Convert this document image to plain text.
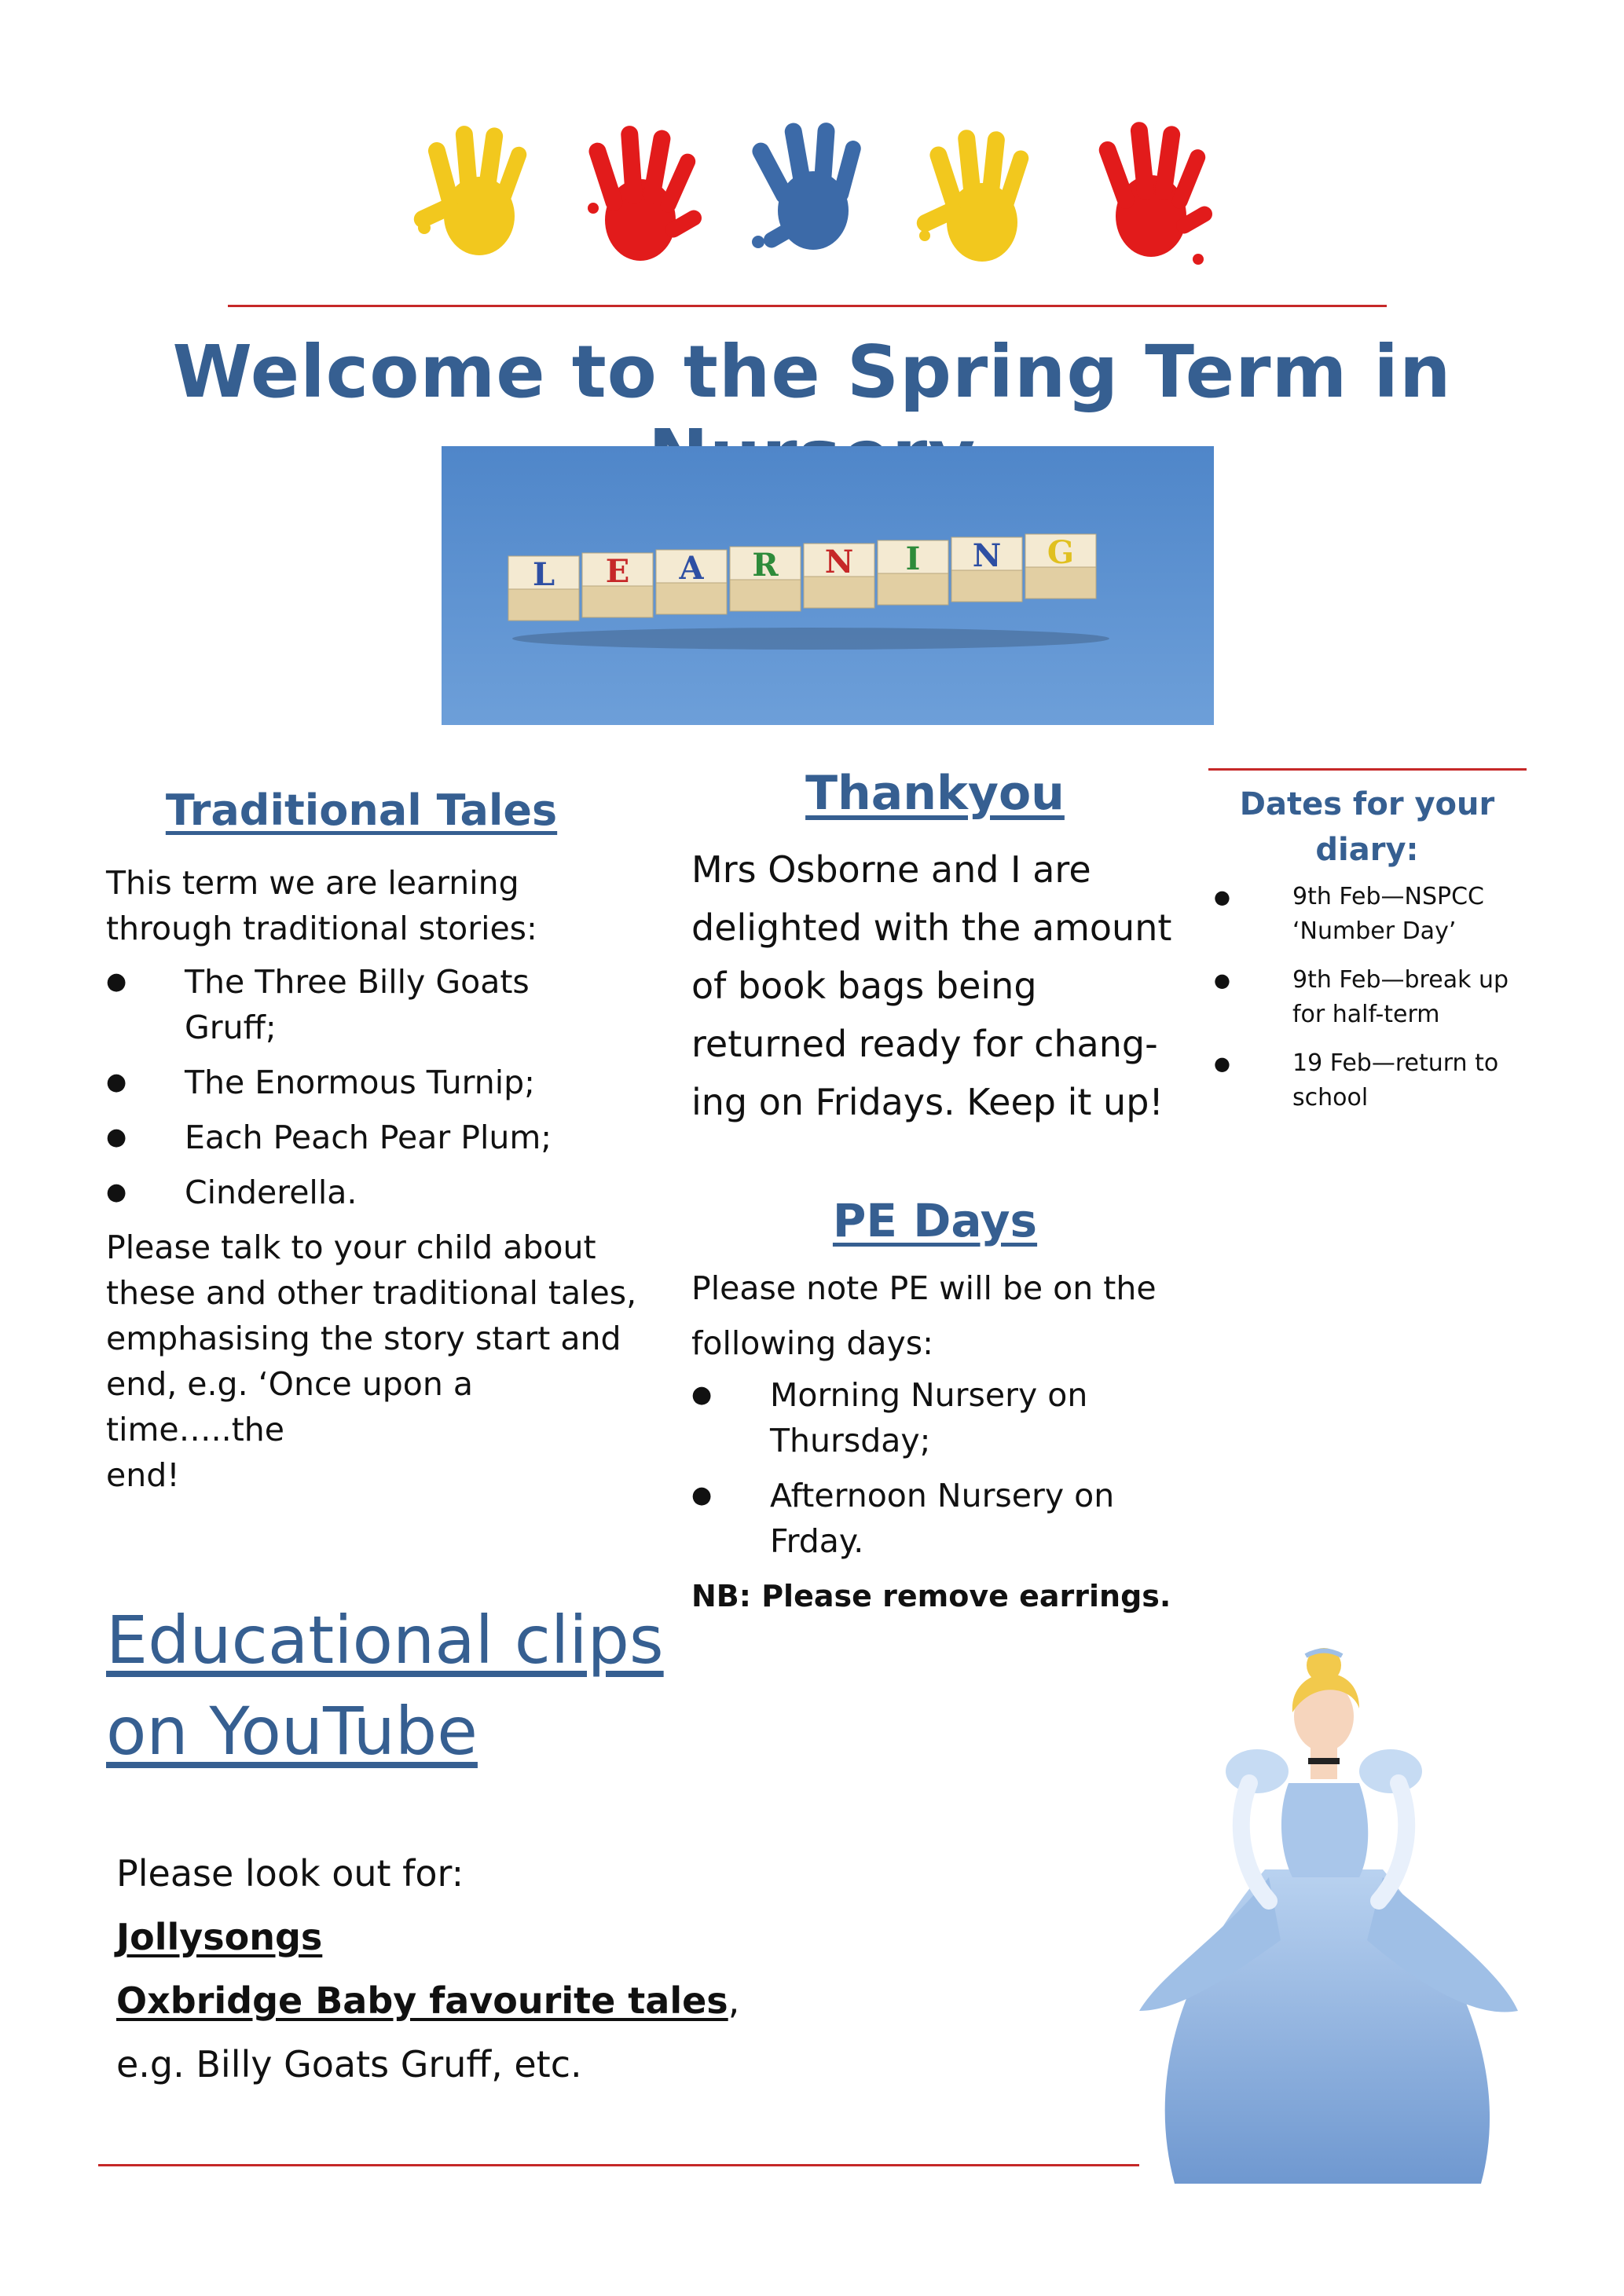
Welcome to the Spring Term in
L E A R N I N G
Traditional Tales

This term we are learning

through traditional stories:

● The Three Billy Goats
Gruff;
● The Enormous Turnip;
● Each Peach Pear Plum;
● Cinderella.

Please talk to your child about

these and other traditional tales,

emphasising the story start and

end, e.g. ‘Once upon a time…..the

end!

Thankyou

Mrs Osborne and I are

delighted with the amount

of book bags being

returned ready for chang-

ing on Fridays. Keep it up!

PE Days

Please note PE will be on the

following days:

● Morning Nursery on
Thursday;
● Afternoon Nursery on
Frday.

NB: Please remove earrings.

Dates for your
diary:
●	9th Feb—NSPCC
‘Number Day’
●	9th Feb—break up
for half-term
●	19 Feb—return to
school
Educational clips
on YouTube
Please look out for:
Jollysongs
Oxbridge Baby favourite tales,
e.g. Billy Goats Gruff, etc.
